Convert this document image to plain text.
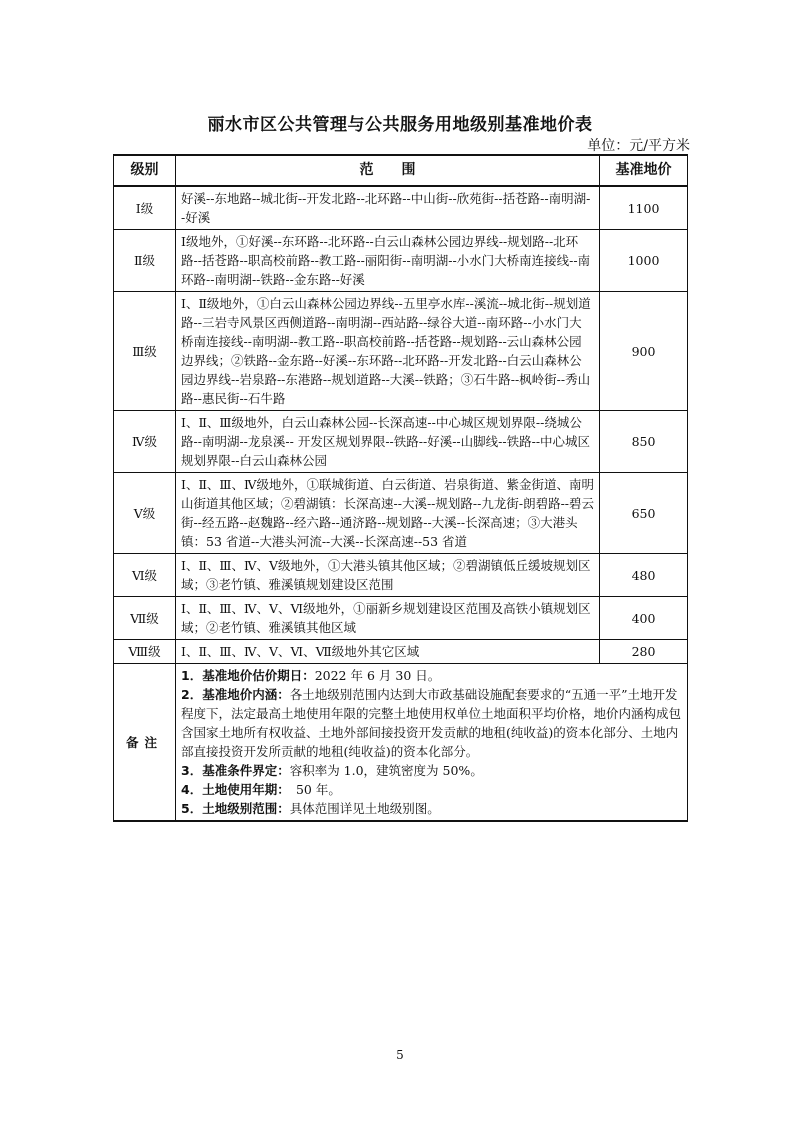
丽水市区公共管理与公共服务用地级别基准地价表
单位：元/平方米
级别	范　　围	基准地价
Ⅰ级	好溪--东地路--城北街--开发北路--北环路--中山街--欣苑街--括苍路--南明湖--好溪	1100
Ⅱ级	Ⅰ级地外，①好溪--东环路--北环路--白云山森林公园边界线--规划路--北环路--括苍路--职高校前路--教工路--丽阳街--南明湖--小水门大桥南连接线--南环路--南明湖--铁路--金东路--好溪	1000
Ⅲ级	Ⅰ、Ⅱ级地外，①白云山森林公园边界线--五里亭水库--溪流--城北街--规划道路--三岩寺风景区西侧道路--南明湖--西站路--绿谷大道--南环路--小水门大桥南连接线--南明湖--教工路--职高校前路--括苍路--规划路--云山森林公园边界线；②铁路--金东路--好溪--东环路--北环路--开发北路--白云山森林公园边界线--岩泉路--东港路--规划道路--大溪--铁路；③石牛路--枫岭街--秀山路--惠民街--石牛路	900
Ⅳ级	Ⅰ、Ⅱ、Ⅲ级地外，白云山森林公园--长深高速--中心城区规划界限--绕城公路--南明湖--龙泉溪-- 开发区规划界限--铁路--好溪--山脚线--铁路--中心城区规划界限--白云山森林公园	850
Ⅴ级	Ⅰ、Ⅱ、Ⅲ、Ⅳ级地外，①联城街道、白云街道、岩泉街道、紫金街道、南明山街道其他区域；②碧湖镇：长深高速--大溪--规划路--九龙街-朗碧路--碧云街--经五路--赵魏路--经六路--通济路--规划路--大溪--长深高速；③大港头镇：53 省道--大港头河流--大溪--长深高速--53 省道	650
Ⅵ级	Ⅰ、Ⅱ、Ⅲ、Ⅳ、Ⅴ级地外，①大港头镇其他区域；②碧湖镇低丘缓坡规划区域；③老竹镇、雅溪镇规划建设区范围	480
Ⅶ级	Ⅰ、Ⅱ、Ⅲ、Ⅳ、Ⅴ、Ⅵ级地外，①丽新乡规划建设区范围及高铁小镇规划区域；②老竹镇、雅溪镇其他区域	400
Ⅷ级	Ⅰ、Ⅱ、Ⅲ、Ⅳ、Ⅴ、Ⅵ、Ⅶ级地外其它区域	280
备注	1．基准地价估价期日：2022 年 6 月 30 日。
2．基准地价内涵：各土地级别范围内达到大市政基础设施配套要求的“五通一平”土地开发程度下，法定最高土地使用年限的完整土地使用权单位土地面积平均价格，地价内涵构成包含国家土地所有权收益、土地外部间接投资开发贡献的地租(纯收益)的资本化部分、土地内部直接投资开发所贡献的地租(纯收益)的资本化部分。
3．基准条件界定：容积率为 1.0，建筑密度为 50%。
4．土地使用年期：　50 年。
5．土地级别范围：具体范围详见土地级别图。	
5
